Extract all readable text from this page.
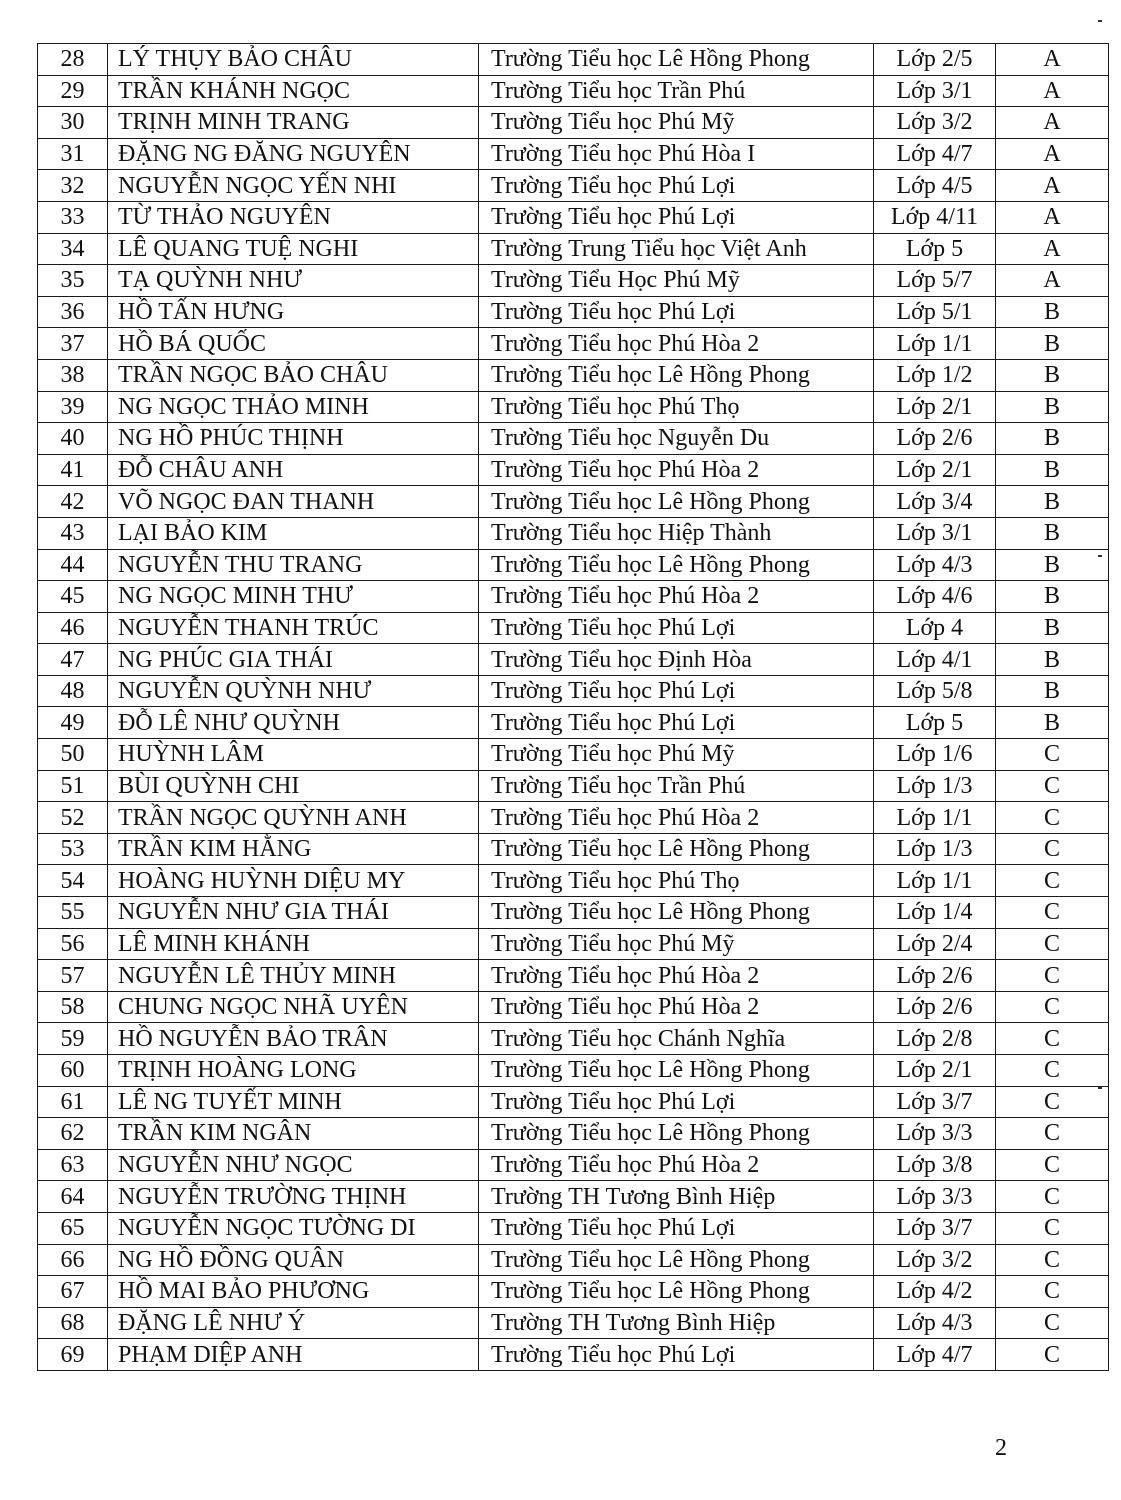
28	LÝ THỤY BẢO CHÂU	Trường Tiểu học Lê Hồng Phong	Lớp 2/5	A
29	TRẦN KHÁNH NGỌC	Trường Tiểu học Trần Phú	Lớp 3/1	A
30	TRỊNH MINH TRANG	Trường Tiểu học Phú Mỹ	Lớp 3/2	A
31	ĐẶNG NG ĐĂNG NGUYÊN	Trường Tiểu học Phú Hòa I	Lớp 4/7	A
32	NGUYỄN NGỌC YẾN NHI	Trường Tiểu học Phú Lợi	Lớp 4/5	A
33	TỪ THẢO NGUYÊN	Trường Tiểu học Phú Lợi	Lớp 4/11	A
34	LÊ QUANG TUỆ NGHI	Trường Trung Tiểu học Việt Anh	Lớp 5	A
35	TẠ QUỲNH NHƯ	Trường Tiểu Học Phú Mỹ	Lớp 5/7	A
36	HỒ TẤN HƯNG	Trường Tiểu học Phú Lợi	Lớp 5/1	B
37	HỒ BÁ QUỐC	Trường Tiểu học Phú Hòa 2	Lớp 1/1	B
38	TRẦN NGỌC BẢO CHÂU	Trường Tiểu học Lê Hồng Phong	Lớp 1/2	B
39	NG NGỌC THẢO MINH	Trường Tiểu học Phú Thọ	Lớp 2/1	B
40	NG HỒ PHÚC THỊNH	Trường Tiểu học Nguyễn Du	Lớp 2/6	B
41	ĐỖ CHÂU ANH	Trường Tiểu học Phú Hòa 2	Lớp 2/1	B
42	VÕ NGỌC ĐAN THANH	Trường Tiểu học Lê Hồng Phong	Lớp 3/4	B
43	LẠI BẢO KIM	Trường Tiểu học Hiệp Thành	Lớp 3/1	B
44	NGUYỄN THU TRANG	Trường Tiểu học Lê Hồng Phong	Lớp 4/3	B
45	NG NGỌC MINH THƯ	Trường Tiểu học Phú Hòa 2	Lớp 4/6	B
46	NGUYỄN THANH TRÚC	Trường Tiểu học Phú Lợi	Lớp 4	B
47	NG PHÚC GIA THÁI	Trường Tiểu học Định Hòa	Lớp 4/1	B
48	NGUYỄN QUỲNH NHƯ	Trường Tiểu học Phú Lợi	Lớp 5/8	B
49	ĐỖ LÊ NHƯ QUỲNH	Trường Tiểu học Phú Lợi	Lớp 5	B
50	HUỲNH LÂM	Trường Tiểu học Phú Mỹ	Lớp 1/6	C
51	BÙI QUỲNH CHI	Trường Tiểu học Trần Phú	Lớp 1/3	C
52	TRẦN NGỌC QUỲNH ANH	Trường Tiểu học Phú Hòa 2	Lớp 1/1	C
53	TRẦN KIM HẰNG	Trường Tiểu học Lê Hồng Phong	Lớp 1/3	C
54	HOÀNG HUỲNH DIỆU MY	Trường Tiểu học Phú Thọ	Lớp 1/1	C
55	NGUYỄN NHƯ GIA THÁI	Trường Tiểu học Lê Hồng Phong	Lớp 1/4	C
56	LÊ MINH KHÁNH	Trường Tiểu học Phú Mỹ	Lớp 2/4	C
57	NGUYỄN LÊ THỦY MINH	Trường Tiểu học Phú Hòa 2	Lớp 2/6	C
58	CHUNG NGỌC NHÃ UYÊN	Trường Tiểu học Phú Hòa 2	Lớp 2/6	C
59	HỒ NGUYỄN BẢO TRÂN	Trường Tiểu học Chánh Nghĩa	Lớp 2/8	C
60	TRỊNH HOÀNG LONG	Trường Tiểu học Lê Hồng Phong	Lớp 2/1	C
61	LÊ NG TUYẾT MINH	Trường Tiểu học Phú Lợi	Lớp 3/7	C
62	TRẦN KIM NGÂN	Trường Tiểu học Lê Hồng Phong	Lớp 3/3	C
63	NGUYỄN NHƯ NGỌC	Trường Tiểu học Phú Hòa 2	Lớp 3/8	C
64	NGUYỄN TRƯỜNG THỊNH	Trường TH Tương Bình Hiệp	Lớp 3/3	C
65	NGUYỄN NGỌC TƯỜNG DI	Trường Tiểu học Phú Lợi	Lớp 3/7	C
66	NG HỒ ĐỒNG QUÂN	Trường Tiểu học Lê Hồng Phong	Lớp 3/2	C
67	HỒ MAI BẢO PHƯƠNG	Trường Tiểu học Lê Hồng Phong	Lớp 4/2	C
68	ĐẶNG LÊ NHƯ Ý	Trường TH Tương Bình Hiệp	Lớp 4/3	C
69	PHẠM DIỆP ANH	Trường Tiểu học Phú Lợi	Lớp 4/7	C
2
